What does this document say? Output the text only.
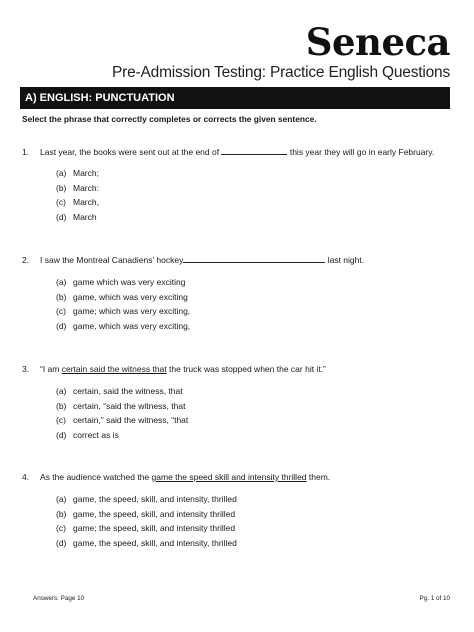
Seneca
Pre-Admission Testing: Practice English Questions
A) ENGLISH: PUNCTUATION
Select the phrase that correctly completes or corrects the given sentence.
1. Last year, the books were sent out at the end of	this year they will go in early February.
(a) March;
(b) March:
(c) March,
(d) March
2. I saw the Montreal Canadiens’ hockey	last night.
(a) game which was very exciting
(b) game, which was very exciting
(c) game; which was very exciting,
(d) game, which was very exciting,
3. “I am certain said the witness that the truck was stopped when the car hit it.”
(a) certain, said the witness, that
(b) certain, “said the witness, that
(c) certain,” said the witness, “that
(d) correct as is
4. As the audience watched the game the speed skill and intensity thrilled them.
(a) game, the speed, skill, and intensity, thrilled
(b) game, the speed, skill, and intensity thrilled
(c) game; the speed, skill, and intensity thrilled
(d) game, the speed, skill, and intensity, thrilled
Answers: Page 10	Pg. 1 of 10
